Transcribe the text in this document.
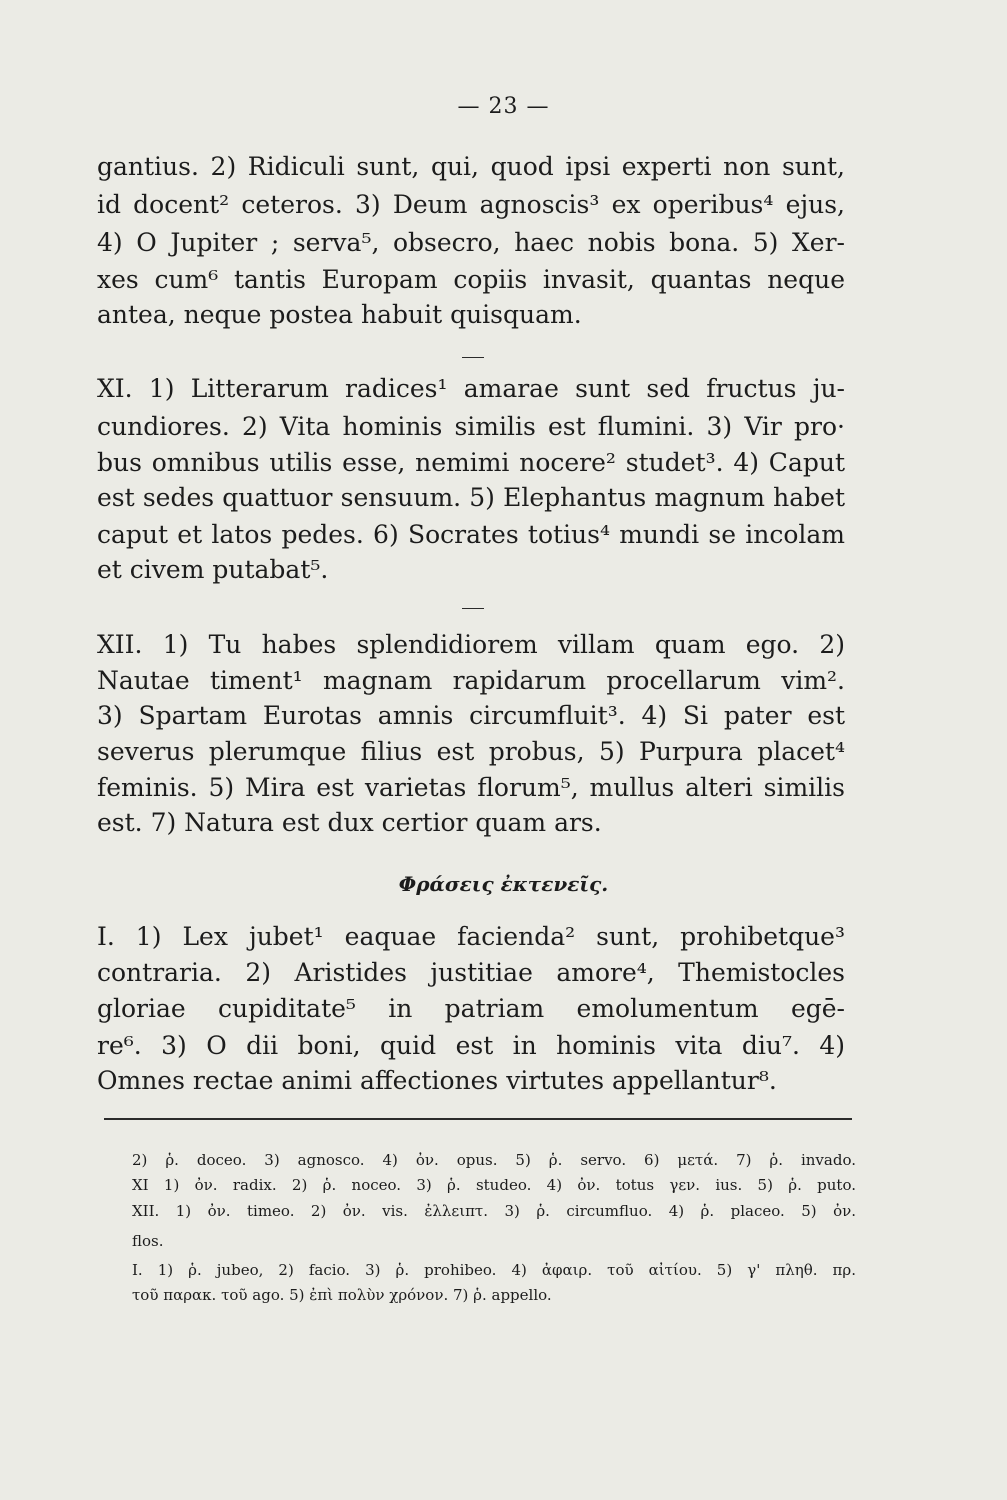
— 23 —
gantius. 2) Ridiculi sunt, qui, quod ipsi experti non sunt,
id docent² ceteros. 3) Deum agnoscis³ ex operibus⁴ ejus,
4) O Jupiter ; serva⁵, obsecro, haec nobis bona. 5) Xer-
xes cum⁶ tantis Europam copiis invasit, quantas neque
antea, neque postea habuit quisquam.
XI. 1) Litterarum radices¹ amarae sunt sed fructus ju-
cundiores. 2) Vita hominis similis est flumini. 3) Vir pro·
bus omnibus utilis esse, nemimi nocere² studet³. 4) Caput
est sedes quattuor sensuum. 5) Elephantus magnum habet
caput et latos pedes. 6) Socrates totius⁴ mundi se incolam
et civem putabat⁵.
XII. 1) Tu habes splendidiorem villam quam ego. 2)
Nautae timent¹ magnam rapidarum procellarum vim².
3) Spartam Eurotas amnis circumfluit³. 4) Si pater est
severus plerumque filius est probus, 5) Purpura placet⁴
feminis. 5) Mira est varietas florum⁵, mullus alteri similis
est. 7) Natura est dux certior quam ars.
Φράσεις ἐκτενεῖς.
I. 1) Lex jubet¹ eaquae facienda² sunt, prohibetque³
contraria. 2) Aristides justitiae amore⁴, Themistocles
gloriae cupiditate⁵ in patriam emolumentum egē-
re⁶. 3) O dii boni, quid est in hominis vita diu⁷. 4)
Omnes rectae animi affectiones virtutes appellantur⁸.
2) ῥ. doceo. 3) agnosco. 4) ὀν. opus. 5) ῥ. servo. 6) μετά. 7) ῥ. invado.
XI 1) ὀν. radix. 2) ῥ. noceo. 3) ῥ. studeo. 4) ὀν. totus γεν. ius. 5) ῥ. puto.
XII. 1) ὀν. timeo. 2) ὀν. vis. ἐλλειπτ. 3) ῥ. circumfluo. 4) ῥ. placeo. 5) ὀν.
flos.
I. 1) ῥ. jubeo, 2) facio. 3) ῥ. prohibeo. 4) ἀφαιρ. τοῦ αἰτίου. 5) γ' πληθ. πρ.
τοῦ παρακ. τοῦ ago. 5) ἐπὶ πολὺν χρόνον. 7) ῥ. appello.
